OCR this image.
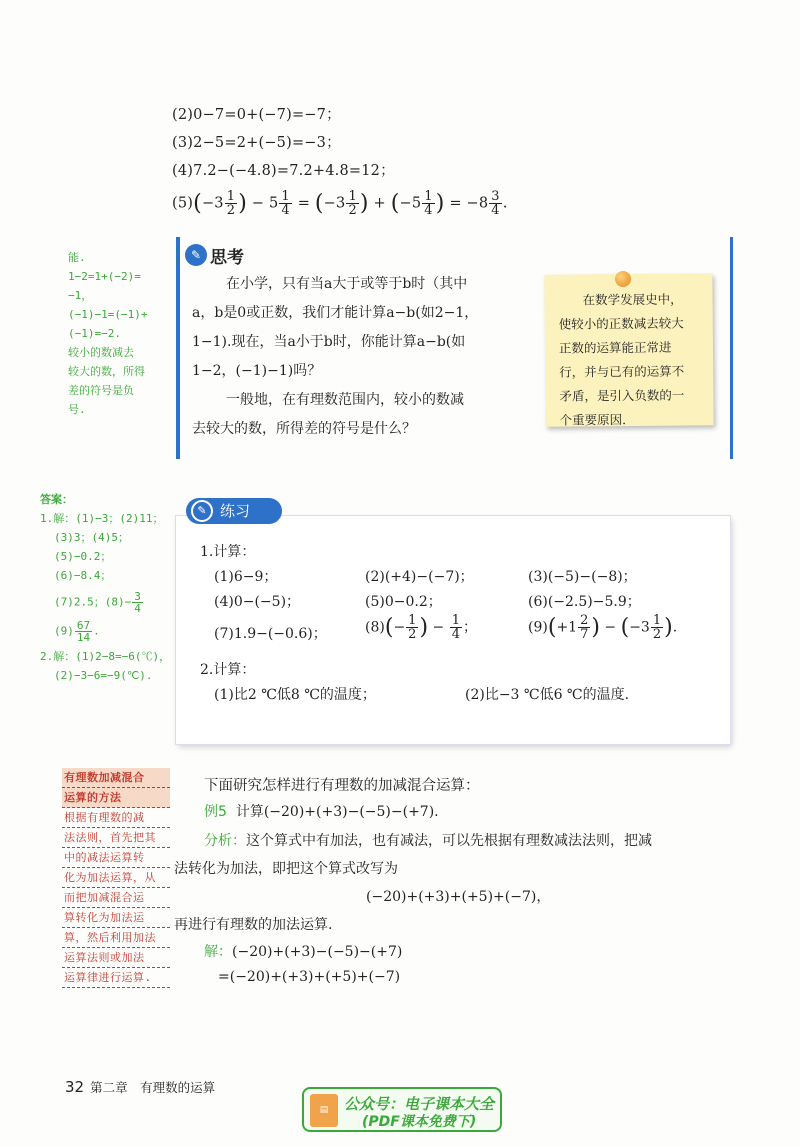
(2)0−7=0+(−7)=−7；
(3)2−5=2+(−5)=−3；
(4)7.2−(−4.8)=7.2+4.8=12；
$(5)(-3 \frac{1}{2}$ ) − $5 \frac{1}{4} = (-3 \frac{1}{2}$ ) + ($-5 \frac{1}{4}$ ) = $-8 \frac{3}{4}$ .
能.
1−2=1+(−2)=
−1，
(−1)−1=(−1)+
(−1)=−2.
较小的数减去
较大的数，所得
差的符号是负
号.
✎ 思考
在小学，只有当a大于或等于b时（其中
a，b是0或正数，我们才能计算a−b(如2−1，
1−1).现在，当a小于b时，你能计算a−b(如
1−2，(−1)−1)吗？
一般地，在有理数范围内，较小的数减
去较大的数，所得差的符号是什么？
在数学发展史中，
使较小的正数减去较大
正数的运算能正常进
行，并与已有的运算不
矛盾，是引入负数的一
个重要原因.
答案：
1.解：(1)−3；(2)11；
(3)3；(4)5；
(5)−0.2；
(6)−8.4；
(7)2.5；$(8)- \frac{3}{4}$
$(9) \frac{67}{14}$ .
2.解：(1)2−8=−6(℃)，
(2)−3−6=−9(℃).
练习
✎
1.计算：
(1)6−9；	(2)(+4)−(−7)；	(3)(−5)−(−8)；
(4)0−(−5)；	(5)0−0.2；	(6)(−2.5)−5.9；
(7)1.9−(−0.6)；	$(8)(- \frac{1}{2}$ ) − $\frac{1}{4}$ ；	$(9)(+1 \frac{2}{7}$ ) − ($-3 \frac{1}{2}$ ).
2.计算：
(1)比2 ℃低8 ℃的温度；	(2)比−3 ℃低6 ℃的温度.
有理数加减混合
运算的方法
根据有理数的减
法法则，首先把其
中的减法运算转
化为加法运算，从
而把加减混合运
算转化为加法运
算，然后利用加法
运算法则或加法
运算律进行运算.
下面研究怎样进行有理数的加减混合运算：
例5 计算(−20)+(+3)−(−5)−(+7).
分析：这个算式中有加法，也有减法，可以先根据有理数减法法则，把减
法转化为加法，即把这个算式改写为
(−20)+(+3)+(+5)+(−7)，
再进行有理数的加法运算.
解：(−20)+(+3)−(−5)−(+7)
=(−20)+(+3)+(+5)+(−7)
32 第二章　有理数的运算
▤	公众号：电子课本大全
(PDF课本免费下)
